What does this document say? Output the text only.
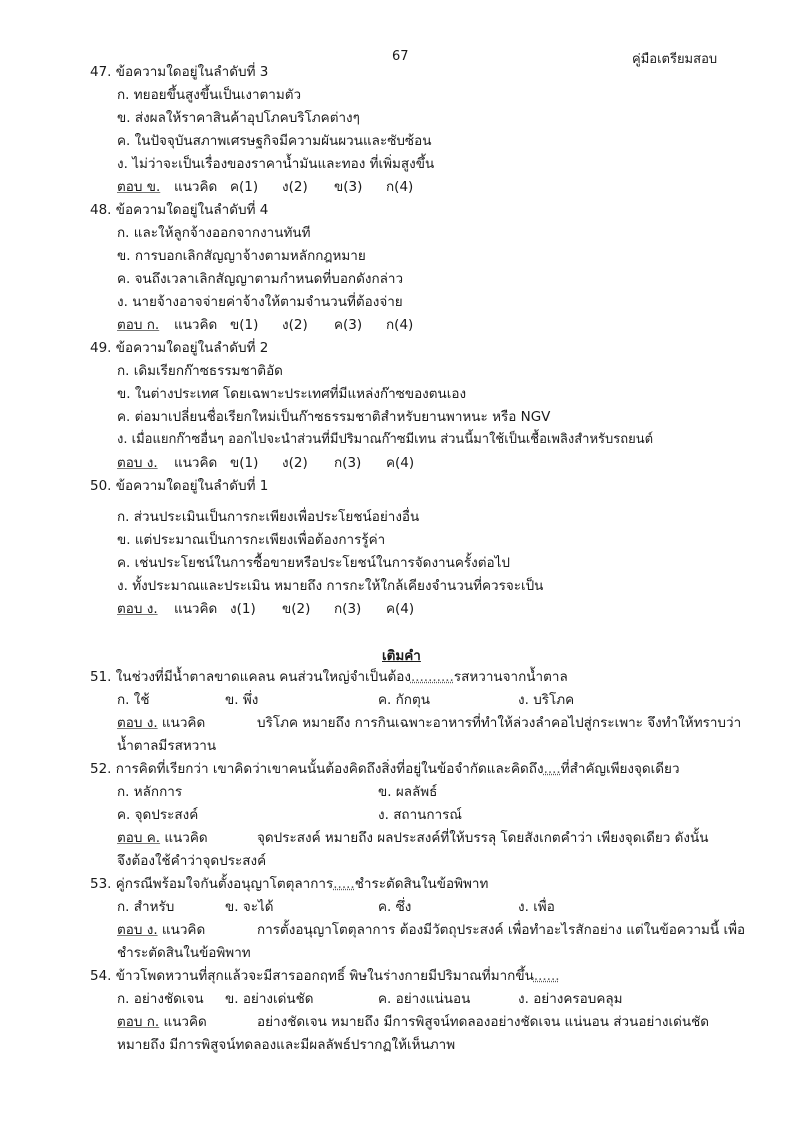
67	คู่มือเตรียมสอบ
47. ข้อความใดอยู่ในลำดับที่ 3
ก. ทยอยขึ้นสูงขึ้นเป็นเงาตามตัว
ข. ส่งผลให้ราคาสินค้าอุปโภคบริโภคต่างๆ
ค. ในปัจจุบันสภาพเศรษฐกิจมีความผันผวนและซับซ้อน
ง. ไม่ว่าจะเป็นเรื่องของราคาน้ำมันและทอง ที่เพิ่มสูงขึ้น
ตอบ ข. แนวคิด ค(1) ง(2) ข(3) ก(4)
48. ข้อความใดอยู่ในลำดับที่ 4
ก. และให้ลูกจ้างออกจากงานทันที
ข. การบอกเลิกสัญญาจ้างตามหลักกฎหมาย
ค. จนถึงเวลาเลิกสัญญาตามกำหนดที่บอกดังกล่าว
ง. นายจ้างอาจจ่ายค่าจ้างให้ตามจำนวนที่ต้องจ่าย
ตอบ ก. แนวคิด ข(1) ง(2) ค(3) ก(4)
49. ข้อความใดอยู่ในลำดับที่ 2
ก. เดิมเรียกก๊าซธรรมชาติอัด
ข. ในต่างประเทศ โดยเฉพาะประเทศที่มีแหล่งก๊าซของตนเอง
ค. ต่อมาเปลี่ยนชื่อเรียกใหม่เป็นก๊าซธรรมชาติสำหรับยานพาหนะ หรือ NGV
ง. เมื่อแยกก๊าซอื่นๆ ออกไปจะนำส่วนที่มีปริมาณก๊าซมีเทน ส่วนนี้มาใช้เป็นเชื้อเพลิงสำหรับรถยนต์
ตอบ ง. แนวคิด ข(1) ง(2) ก(3) ค(4)
50. ข้อความใดอยู่ในลำดับที่ 1
ก. ส่วนประเมินเป็นการกะเพียงเพื่อประโยชน์อย่างอื่น
ข. แต่ประมาณเป็นการกะเพียงเพื่อต้องการรู้ค่า
ค. เช่นประโยชน์ในการซื้อขายหรือประโยชน์ในการจัดงานครั้งต่อไป
ง. ทั้งประมาณและประเมิน หมายถึง การกะให้ใกล้เคียงจำนวนที่ควรจะเป็น
ตอบ ง. แนวคิด ง(1) ข(2) ก(3) ค(4)
เติมคำ
51. ในช่วงที่มีน้ำตาลขาดแคลน คนส่วนใหญ่จำเป็นต้อง..........รสหวานจากน้ำตาล
ก. ใช้	ข. พึ่ง	ค. กักตุน	ง. บริโภค
ตอบ ง. แนวคิด	บริโภค หมายถึง การกินเฉพาะอาหารที่ทำให้ล่วงลำคอไปสู่กระเพาะ จึงทำให้ทราบว่า
น้ำตาลมีรสหวาน
52. การคิดที่เรียกว่า เขาคิดว่าเขาคนนั้นต้องคิดถึงสิ่งที่อยู่ในข้อจำกัดและคิดถึง....ที่สำคัญเพียงจุดเดียว
ก. หลักการ	ข. ผลลัพธ์
ค. จุดประสงค์	ง. สถานการณ์
ตอบ ค. แนวคิด	จุดประสงค์ หมายถึง ผลประสงค์ที่ให้บรรลุ โดยสังเกตคำว่า เพียงจุดเดียว ดังนั้น
จึงต้องใช้คำว่าจุดประสงค์
53. คู่กรณีพร้อมใจกันตั้งอนุญาโตตุลาการ.....ชำระตัดสินในข้อพิพาท
ก. สำหรับ	ข. จะได้	ค. ซึ่ง	ง. เพื่อ
ตอบ ง. แนวคิด	การตั้งอนุญาโตตุลาการ ต้องมีวัตถุประสงค์ เพื่อทำอะไรสักอย่าง แต่ในข้อความนี้ เพื่อ
ชำระตัดสินในข้อพิพาท
54. ข้าวโพดหวานที่สุกแล้วจะมีสารออกฤทธิ์ พิษในร่างกายมีปริมาณที่มากขึ้น......
ก. อย่างชัดเจน ข. อย่างเด่นชัด	ค. อย่างแน่นอน	ง. อย่างครอบคลุม
ตอบ ก. แนวคิด	อย่างชัดเจน หมายถึง มีการพิสูจน์ทดลองอย่างชัดเจน แน่นอน ส่วนอย่างเด่นชัด
หมายถึง มีการพิสูจน์ทดลองและมีผลลัพธ์ปรากฏให้เห็นภาพ
